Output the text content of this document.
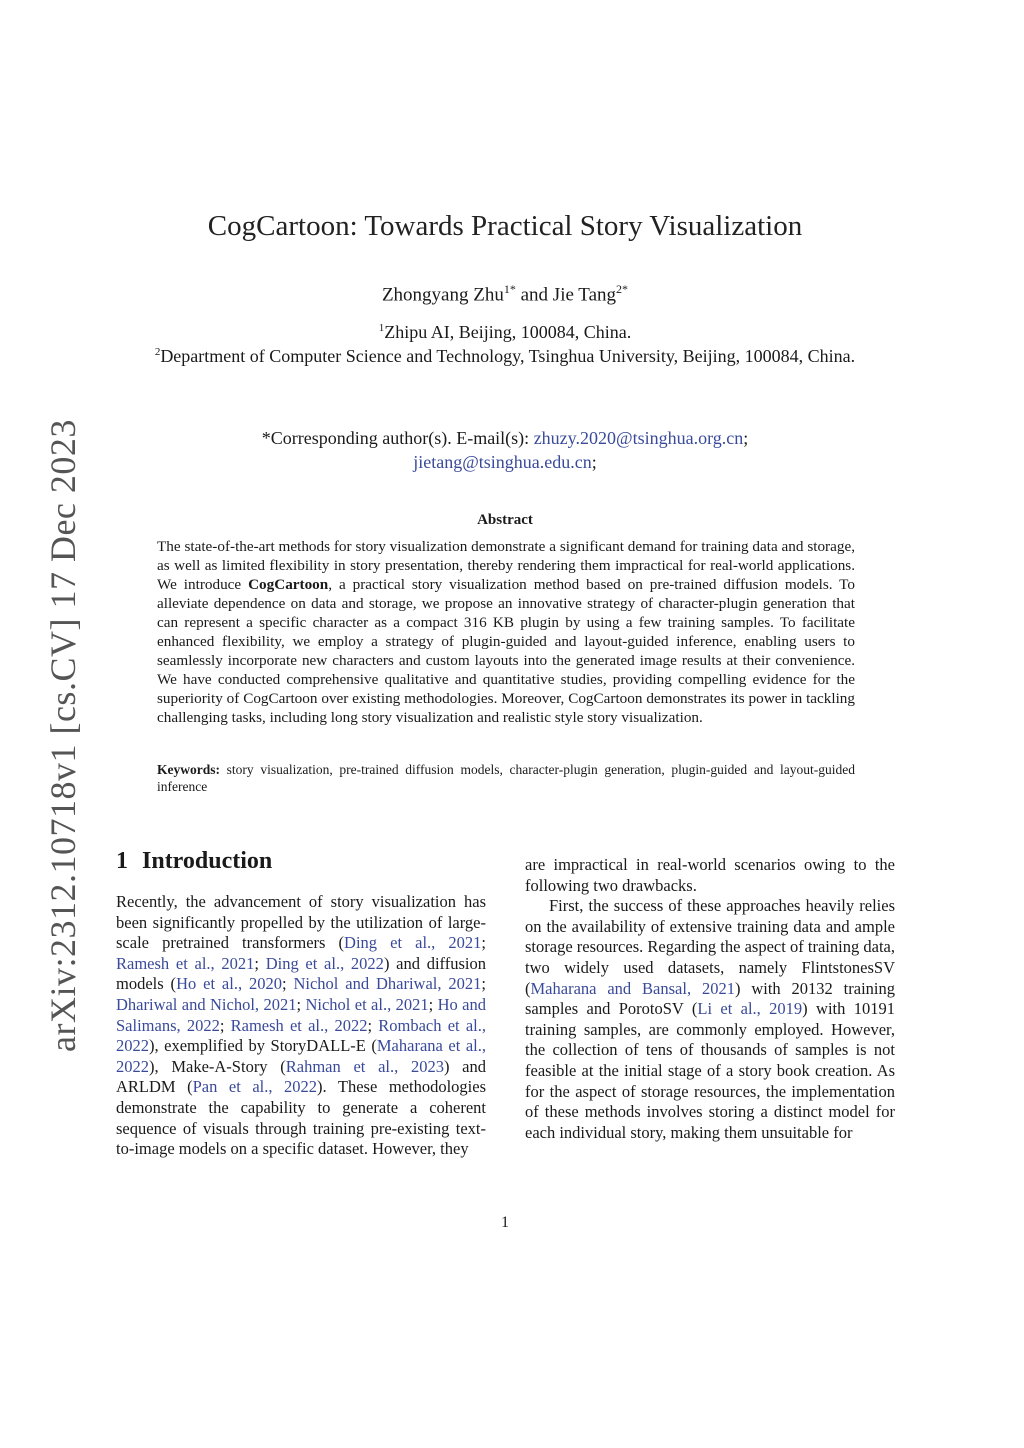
arXiv:2312.10718v1 [cs.CV] 17 Dec 2023
CogCartoon: Towards Practical Story Visualization
Zhongyang Zhu$^{1*}$ and Jie Tang$^{2*}$
$^1$Zhipu AI, Beijing, 100084, China.
$^2$Department of Computer Science and Technology, Tsinghua University, Beijing, 100084, China.
*Corresponding author(s). E-mail(s): zhuzy.2020@tsinghua.org.cn;
jietang@tsinghua.edu.cn;
Abstract
The state-of-the-art methods for story visualization demonstrate a significant demand for training data and storage, as well as limited flexibility in story presentation, thereby rendering them impractical for real-world applications. We introduce CogCartoon, a practical story visualization method based on pre-trained diffusion models. To alleviate dependence on data and storage, we propose an innovative strategy of character-plugin generation that can represent a specific character as a compact 316 KB plugin by using a few training samples. To facilitate enhanced flexibility, we employ a strategy of plugin-guided and layout-guided inference, enabling users to seamlessly incorporate new characters and custom layouts into the generated image results at their convenience. We have conducted comprehensive qualitative and quantitative studies, providing compelling evidence for the superiority of CogCartoon over existing methodologies. Moreover, CogCartoon demonstrates its power in tackling challenging tasks, including long story visualization and realistic style story visualization.
Keywords: story visualization, pre-trained diffusion models, character-plugin generation, plugin-guided and layout-guided inference
1 Introduction

Recently, the advancement of story visualization has been significantly propelled by the utilization of large-scale pretrained transformers (Ding et al., 2021; Ramesh et al., 2021; Ding et al., 2022) and diffusion models (Ho et al., 2020; Nichol and Dhariwal, 2021; Dhariwal and Nichol, 2021; Nichol et al., 2021; Ho and Salimans, 2022; Ramesh et al., 2022; Rombach et al., 2022), exemplified by StoryDALL-E (Maharana et al., 2022), Make-A-Story (Rahman et al., 2023) and ARLDM (Pan et al., 2022). These methodologies demonstrate the capability to generate a coherent sequence of visuals through training pre-existing text-to-image models on a specific dataset. However, they

are impractical in real-world scenarios owing to the following two drawbacks.

First, the success of these approaches heavily relies on the availability of extensive training data and ample storage resources. Regarding the aspect of training data, two widely used datasets, namely FlintstonesSV (Maharana and Bansal, 2021) with 20132 training samples and PorotoSV (Li et al., 2019) with 10191 training samples, are commonly employed. However, the collection of tens of thousands of samples is not feasible at the initial stage of a story book creation. As for the aspect of storage resources, the implementation of these methods involves storing a distinct model for each individual story, making them unsuitable for

1
